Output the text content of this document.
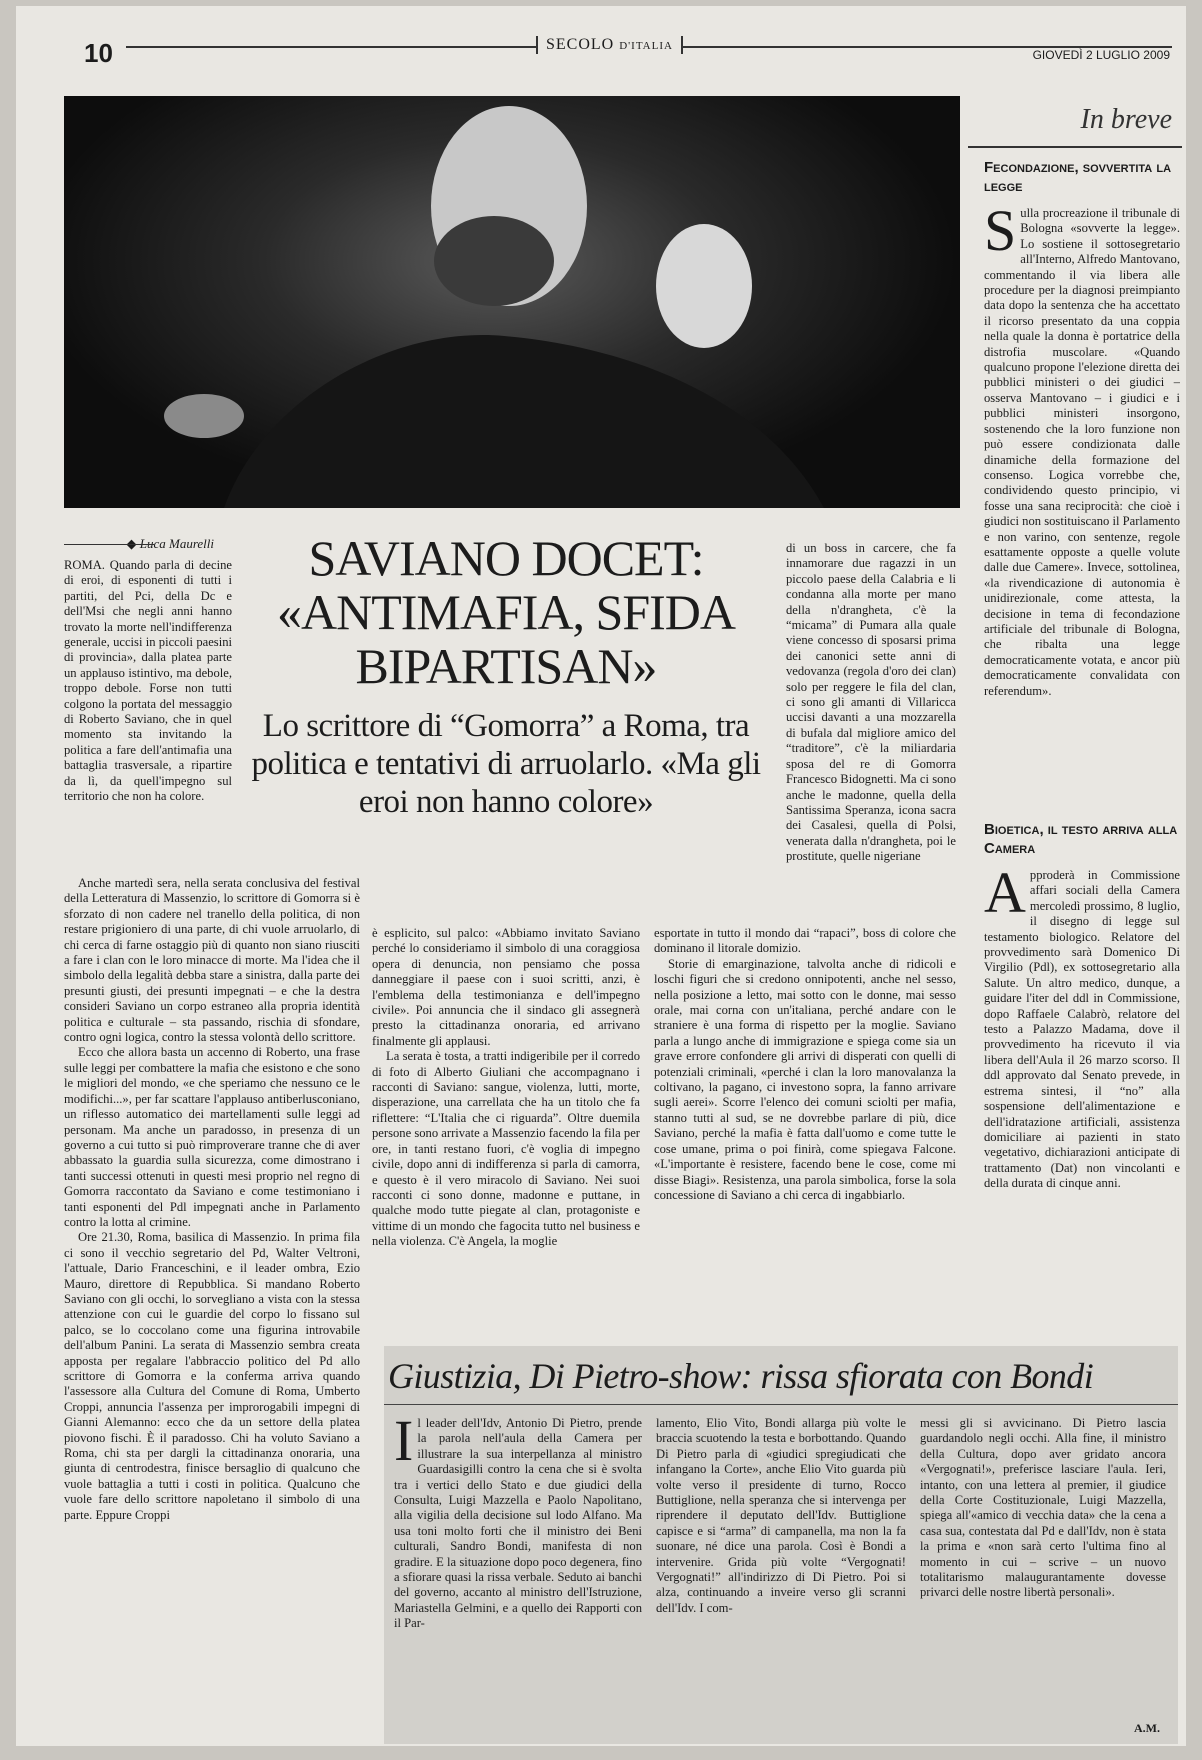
10	SECOLO D'ITALIA
GIOVEDÌ 2 LUGLIO 2009
◆ Luca Maurelli	SAVIANO DOCET: «ANTIMAFIA, SFIDA BIPARTISAN»
Lo scrittore di “Gomorra” a Roma, tra politica e tentativi di arruolarlo. «Ma gli eroi non hanno colore»

ROMA. Quando parla di decine di eroi, di esponenti di tutti i partiti, del Pci, della Dc e dell'Msi che negli anni hanno trovato la morte nell'indifferenza generale, uccisi in piccoli paesini di provincia», dalla platea parte un applauso istintivo, ma debole, troppo debole. Forse non tutti colgono la portata del messaggio di Roberto Saviano, che in quel momento sta invitando la politica a fare dell'antimafia una battaglia trasversale, a ripartire da lì, da quell'impegno sul territorio che non ha colore.

Anche martedì sera, nella serata conclusiva del festival della Letteratura di Massenzio, lo scrittore di Gomorra si è sforzato di non cadere nel tranello della politica, di non restare prigioniero di una parte, di chi vuole arruolarlo, di chi cerca di farne ostaggio più di quanto non siano riusciti a fare i clan con le loro minacce di morte. Ma l'idea che il simbolo della legalità debba stare a sinistra, dalla parte dei presunti giusti, dei presunti impegnati – e che la destra consideri Saviano un corpo estraneo alla propria identità politica e culturale – sta passando, rischia di sfondare, contro ogni logica, contro la stessa volontà dello scrittore.

Ecco che allora basta un accenno di Roberto, una frase sulle leggi per combattere la mafia che esistono e che sono le migliori del mondo, «e che speriamo che nessuno ce le modifichi...», per far scattare l'applauso antiberlusconiano, un riflesso automatico dei martellamenti sulle leggi ad personam. Ma anche un paradosso, in presenza di un governo a cui tutto si può rimproverare tranne che di aver abbassato la guardia sulla sicurezza, come dimostrano i tanti successi ottenuti in questi mesi proprio nel regno di Gomorra raccontato da Saviano e come testimoniano i tanti esponenti del Pdl impegnati anche in Parlamento contro la lotta al crimine.

Ore 21.30, Roma, basilica di Massenzio. In prima fila ci sono il vecchio segretario del Pd, Walter Veltroni, l'attuale, Dario Franceschini, e il leader ombra, Ezio Mauro, direttore di Repubblica. Si mandano Roberto Saviano con gli occhi, lo sorvegliano a vista con la stessa attenzione con cui le guardie del corpo lo fissano sul palco, se lo coccolano come una figurina introvabile dell'album Panini. La serata di Massenzio sembra creata apposta per regalare l'abbraccio politico del Pd allo scrittore di Gomorra e la conferma arriva quando l'assessore alla Cultura del Comune di Roma, Umberto Croppi, annuncia l'assenza per improrogabili impegni di Gianni Alemanno: ecco che da un settore della platea piovono fischi. È il paradosso. Chi ha voluto Saviano a Roma, chi sta per dargli la cittadinanza onoraria, una giunta di centrodestra, finisce bersaglio di qualcuno che vuole battaglia a tutti i costi in politica. Qualcuno che vuole fare dello scrittore napoletano il simbolo di una parte. Eppure Croppi

è esplicito, sul palco: «Abbiamo invitato Saviano perché lo consideriamo il simbolo di una coraggiosa opera di denuncia, non pensiamo che possa danneggiare il paese con i suoi scritti, anzi, è l'emblema della testimonianza e dell'impegno civile». Poi annuncia che il sindaco gli assegnerà presto la cittadinanza onoraria, ed arrivano finalmente gli applausi.

La serata è tosta, a tratti indigeribile per il corredo di foto di Alberto Giuliani che accompagnano i racconti di Saviano: sangue, violenza, lutti, morte, disperazione, una carrellata che ha un titolo che fa riflettere: “L'Italia che ci riguarda”. Oltre duemila persone sono arrivate a Massenzio facendo la fila per ore, in tanti restano fuori, c'è voglia di impegno civile, dopo anni di indifferenza si parla di camorra, e questo è il vero miracolo di Saviano. Nei suoi racconti ci sono donne, madonne e puttane, in qualche modo tutte piegate al clan, protagoniste e vittime di un mondo che fagocita tutto nel business e nella violenza. C'è Angela, la moglie

di un boss in carcere, che fa innamorare due ragazzi in un piccolo paese della Calabria e li condanna alla morte per mano della n'drangheta, c'è la “micama” di Pumara alla quale viene concesso di sposarsi prima dei canonici sette anni di vedovanza (regola d'oro dei clan) solo per reggere le fila del clan, ci sono gli amanti di Villaricca uccisi davanti a una mozzarella di bufala dal migliore amico del “traditore”, c'è la miliardaria sposa del re di Gomorra Francesco Bidognetti. Ma ci sono anche le madonne, quella della Santissima Speranza, icona sacra dei Casalesi, quella di Polsi, venerata dalla n'drangheta, poi le prostitute, quelle nigeriane

esportate in tutto il mondo dai “rapaci”, boss di colore che dominano il litorale domizio.

Storie di emarginazione, talvolta anche di ridicoli e loschi figuri che si credono onnipotenti, anche nel sesso, nella posizione a letto, mai sotto con le donne, mai sesso orale, mai corna con un'italiana, perché andare con le straniere è una forma di rispetto per la moglie. Saviano parla a lungo anche di immigrazione e spiega come sia un grave errore confondere gli arrivi di disperati con quelli di potenziali criminali, «perché i clan la loro manovalanza la coltivano, la pagano, ci investono sopra, la fanno arrivare sugli aerei». Scorre l'elenco dei comuni sciolti per mafia, stanno tutti al sud, se ne dovrebbe parlare di più, dice Saviano, perché la mafia è fatta dall'uomo e come tutte le cose umane, prima o poi finirà, come spiegava Falcone. «L'importante è resistere, facendo bene le cose, come mi disse Biagi». Resistenza, una parola simbolica, forse la sola concessione di Saviano a chi cerca di ingabbiarlo.

In breve
Fecondazione, sovvertita la legge
Sulla procreazione il tribunale di Bologna «sovverte la legge». Lo sostiene il sottosegretario all'Interno, Alfredo Mantovano, commentando il via libera alle procedure per la diagnosi preimpianto data dopo la sentenza che ha accettato il ricorso presentato da una coppia nella quale la donna è portatrice della distrofia muscolare. «Quando qualcuno propone l'elezione diretta dei pubblici ministeri o dei giudici – osserva Mantovano – i giudici e i pubblici ministeri insorgono, sostenendo che la loro funzione non può essere condizionata dalle dinamiche della formazione del consenso. Logica vorrebbe che, condividendo questo principio, vi fosse una sana reciprocità: che cioè i giudici non sostituiscano il Parlamento e non varino, con sentenze, regole esattamente opposte a quelle volute dalle due Camere». Invece, sottolinea, «la rivendicazione di autonomia è unidirezionale, come attesta, la decisione in tema di fecondazione artificiale del tribunale di Bologna, che ribalta una legge democraticamente votata, e ancor più democraticamente convalidata con referendum».
Bioetica, il testo arriva alla Camera
Approderà in Commissione affari sociali della Camera mercoledì prossimo, 8 luglio, il disegno di legge sul testamento biologico. Relatore del provvedimento sarà Domenico Di Virgilio (Pdl), ex sottosegretario alla Salute. Un altro medico, dunque, a guidare l'iter del ddl in Commissione, dopo Raffaele Calabrò, relatore del testo a Palazzo Madama, dove il provvedimento ha ricevuto il via libera dell'Aula il 26 marzo scorso. Il ddl approvato dal Senato prevede, in estrema sintesi, il “no” alla sospensione dell'alimentazione e dell'idratazione artificiali, assistenza domiciliare ai pazienti in stato vegetativo, dichiarazioni anticipate di trattamento (Dat) non vincolanti e della durata di cinque anni.
A.M.
Giustizia, Di Pietro-show: rissa sfiorata con Bondi
Il leader dell'Idv, Antonio Di Pietro, prende la parola nell'aula della Camera per illustrare la sua interpellanza al ministro Guardasigilli contro la cena che si è svolta tra i vertici dello Stato e due giudici della Consulta, Luigi Mazzella e Paolo Napolitano, alla vigilia della decisione sul lodo Alfano. Ma usa toni molto forti che il ministro dei Beni culturali, Sandro Bondi, manifesta di non gradire. E la situazione dopo poco degenera, fino a sfiorare quasi la rissa verbale. Seduto ai banchi del governo, accanto al ministro dell'Istruzione, Mariastella Gelmini, e a quello dei Rapporti con il Par-
lamento, Elio Vito, Bondi allarga più volte le braccia scuotendo la testa e borbottando. Quando Di Pietro parla di «giudici spregiudicati che infangano la Corte», anche Elio Vito guarda più volte verso il presidente di turno, Rocco Buttiglione, nella speranza che si intervenga per riprendere il deputato dell'Idv. Buttiglione capisce e si “arma” di campanella, ma non la fa suonare, né dice una parola. Così è Bondi a intervenire. Grida più volte “Vergognati! Vergognati!” all'indirizzo di Di Pietro. Poi si alza, continuando a inveire verso gli scranni dell'Idv. I com-
messi gli si avvicinano. Di Pietro lascia guardandolo negli occhi. Alla fine, il ministro della Cultura, dopo aver gridato ancora «Vergognati!», preferisce lasciare l'aula. Ieri, intanto, con una lettera al premier, il giudice della Corte Costituzionale, Luigi Mazzella, spiega all'«amico di vecchia data» che la cena a casa sua, contestata dal Pd e dall'Idv, non è stata la prima e «non sarà certo l'ultima fino al momento in cui – scrive – un nuovo totalitarismo malaugurantamente dovesse privarci delle nostre libertà personali».
